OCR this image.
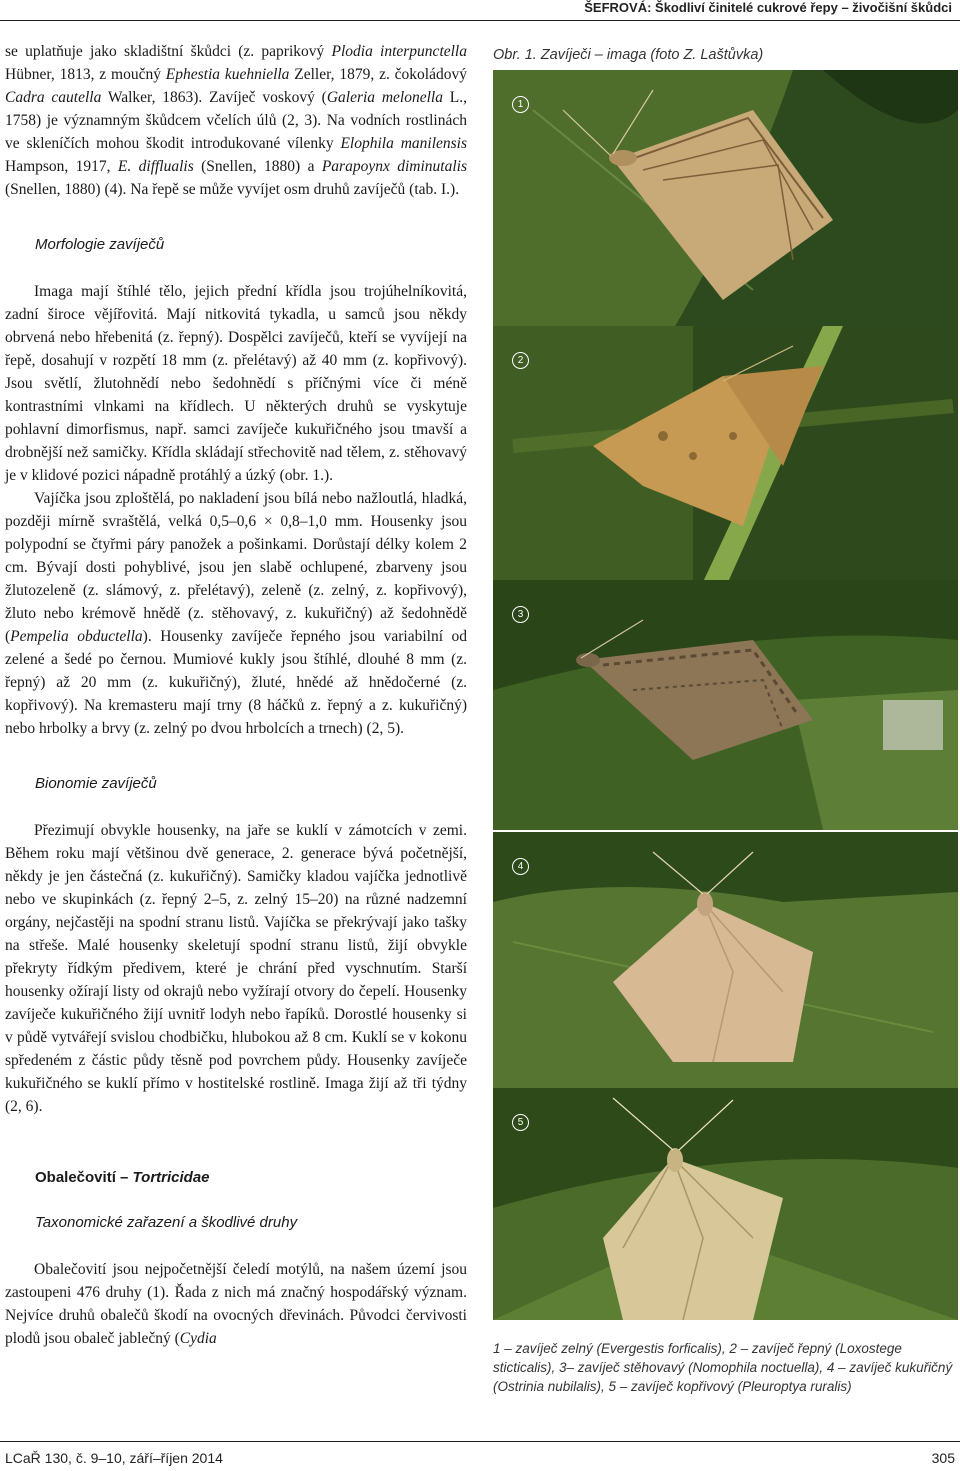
ŠEFROVÁ: Škodliví činitelé cukrové řepy – živočišní škůdci

se uplatňuje jako skladištní škůdci (z. paprikový Plodia interpunctella Hübner, 1813, z moučný Ephestia kuehniella Zeller, 1879, z. čokoládový Cadra cautella Walker, 1863). Zavíječ voskový (Galeria melonella L., 1758) je významným škůdcem včelích úlů (2, 3). Na vodních rostlinách ve skleníčích mohou škodit introdukované vílenky Elophila manilensis Hampson, 1917, E. difflualis (Snellen, 1880) a Parapoynx diminutalis (Snellen, 1880) (4). Na řepě se může vyvíjet osm druhů zavíječů (tab. I.).

Morfologie zavíječů

Imaga mají štíhlé tělo, jejich přední křídla jsou trojúhelníkovitá, zadní široce vějířovitá. Mají nitkovitá tykadla, u samců jsou někdy obrvená nebo hřebenitá (z. řepný). Dospělci zavíječů, kteří se vyvíjejí na řepě, dosahují v rozpětí 18 mm (z. přelétavý) až 40 mm (z. kopřivový). Jsou světlí, žlutohnědí nebo šedohnědí s příčnými více či méně kontrastními vlnkami na křídlech. U některých druhů se vyskytuje pohlavní dimorfismus, např. samci zavíječe kukuřičného jsou tmavší a drobnější než samičky. Křídla skládají střechovitě nad tělem, z. stěhovavý je v klidové pozici nápadně protáhlý a úzký (obr. 1.).

Vajíčka jsou zploštělá, po nakladení jsou bílá nebo nažloutlá, hladká, později mírně svraštělá, velká 0,5–0,6 × 0,8–1,0 mm. Housenky jsou polypodní se čtyřmi páry panožek a pošinkami. Dorůstají délky kolem 2 cm. Bývají dosti pohyblivé, jsou jen slabě ochlupené, zbarveny jsou žlutozeleně (z. slámový, z. přelétavý), zeleně (z. zelný, z. kopřivový), žluto nebo krémově hnědě (z. stěhovavý, z. kukuřičný) až šedohnědě (Pempelia obductella). Housenky zavíječe řepného jsou variabilní od zelené a šedé po černou. Mumiové kukly jsou štíhlé, dlouhé 8 mm (z. řepný) až 20 mm (z. kukuřičný), žluté, hnědé až hnědočerné (z. kopřivový). Na kremasteru mají trny (8 háčků z. řepný a z. kukuřičný) nebo hrbolky a brvy (z. zelný po dvou hrbolcích a trnech) (2, 5).

Bionomie zavíječů

Přezimují obvykle housenky, na jaře se kuklí v zámotcích v zemi. Během roku mají většinou dvě generace, 2. generace bývá početnější, někdy je jen částečná (z. kukuřičný). Samičky kladou vajíčka jednotlivě nebo ve skupinkách (z. řepný 2–5, z. zelný 15–20) na různé nadzemní orgány, nejčastěji na spodní stranu listů. Vajíčka se překrývají jako tašky na střeše. Malé housenky skeletují spodní stranu listů, žijí obvykle překryty řídkým předivem, které je chrání před vyschnutím. Starší housenky ožírají listy od okrajů nebo vyžírají otvory do čepelí. Housenky zavíječe kukuřičného žijí uvnitř lodyh nebo řapíků. Dorostlé housenky si v půdě vytvářejí svislou chodbičku, hlubokou až 8 cm. Kuklí se v kokonu spředeném z částic půdy těsně pod povrchem půdy. Housenky zavíječe kukuřičného se kuklí přímo v hostitelské rostlině. Imaga žijí až tři týdny (2, 6).

Obalečovití – Tortricidae

Taxonomické zařazení a škodlivé druhy

Obalečovití jsou nejpočetnější čeledí motýlů, na našem území jsou zastoupeni 476 druhy (1). Řada z nich má značný hospodářský význam. Nejvíce druhů obalečů škodí na ovocných dřevinách. Původci červivosti plodů jsou obaleč jablečný (Cydia

Obr. 1. Zavíječi – imaga (foto Z. Laštůvka)
1
2
3
4
5
1 – zavíječ zelný (Evergestis forficalis), 2 – zavíječ řepný (Loxostege sticticalis), 3– zavíječ stěhovavý (Nomophila noctuella), 4 – zavíječ kukuřičný (Ostrinia nubilalis), 5 – zavíječ kopřivový (Pleuroptya ruralis)
LCaŘ 130, č. 9–10, září–říjen 2014	305
